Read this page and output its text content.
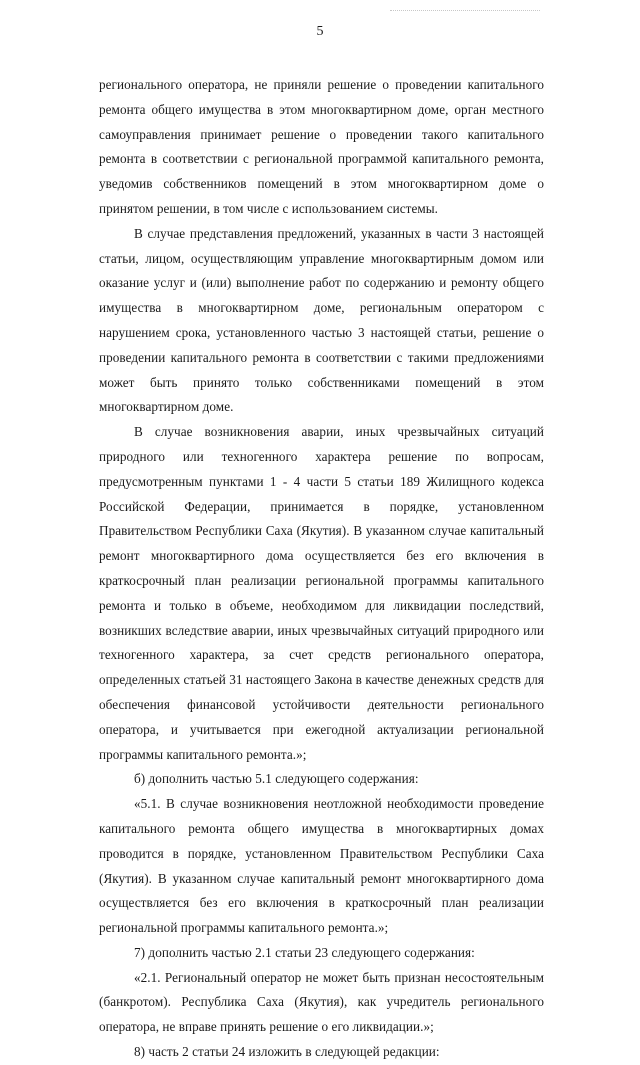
5

регионального оператора, не приняли решение о проведении капитального ремонта общего имущества в этом многоквартирном доме, орган местного самоуправления принимает решение о проведении такого капитального ремонта в соответствии с региональной программой капитального ремонта, уведомив собственников помещений в этом многоквартирном доме о принятом решении, в том числе с использованием системы.

В случае представления предложений, указанных в части 3 настоящей статьи, лицом, осуществляющим управление многоквартирным домом или оказание услуг и (или) выполнение работ по содержанию и ремонту общего имущества в многоквартирном доме, региональным оператором с нарушением срока, установленного частью 3 настоящей статьи, решение о проведении капитального ремонта в соответствии с такими предложениями может быть принято только собственниками помещений в этом многоквартирном доме.

В случае возникновения аварии, иных чрезвычайных ситуаций природного или техногенного характера решение по вопросам, предусмотренным пунктами 1 - 4 части 5 статьи 189 Жилищного кодекса Российской Федерации, принимается в порядке, установленном Правительством Республики Саха (Якутия). В указанном случае капитальный ремонт многоквартирного дома осуществляется без его включения в краткосрочный план реализации региональной программы капитального ремонта и только в объеме, необходимом для ликвидации последствий, возникших вследствие аварии, иных чрезвычайных ситуаций природного или техногенного характера, за счет средств регионального оператора, определенных статьей 31 настоящего Закона в качестве денежных средств для обеспечения финансовой устойчивости деятельности регионального оператора, и учитывается при ежегодной актуализации региональной программы капитального ремонта.»;

б) дополнить частью 5.1 следующего содержания:

«5.1. В случае возникновения неотложной необходимости проведение капитального ремонта общего имущества в многоквартирных домах проводится в порядке, установленном Правительством Республики Саха (Якутия). В указанном случае капитальный ремонт многоквартирного дома осуществляется без его включения в краткосрочный план реализации региональной программы капитального ремонта.»;

7) дополнить частью 2.1 статьи 23 следующего содержания:

«2.1. Региональный оператор не может быть признан несостоятельным (банкротом). Республика Саха (Якутия), как учредитель регионального оператора, не вправе принять решение о его ликвидации.»;

8) часть 2 статьи 24 изложить в следующей редакции:
